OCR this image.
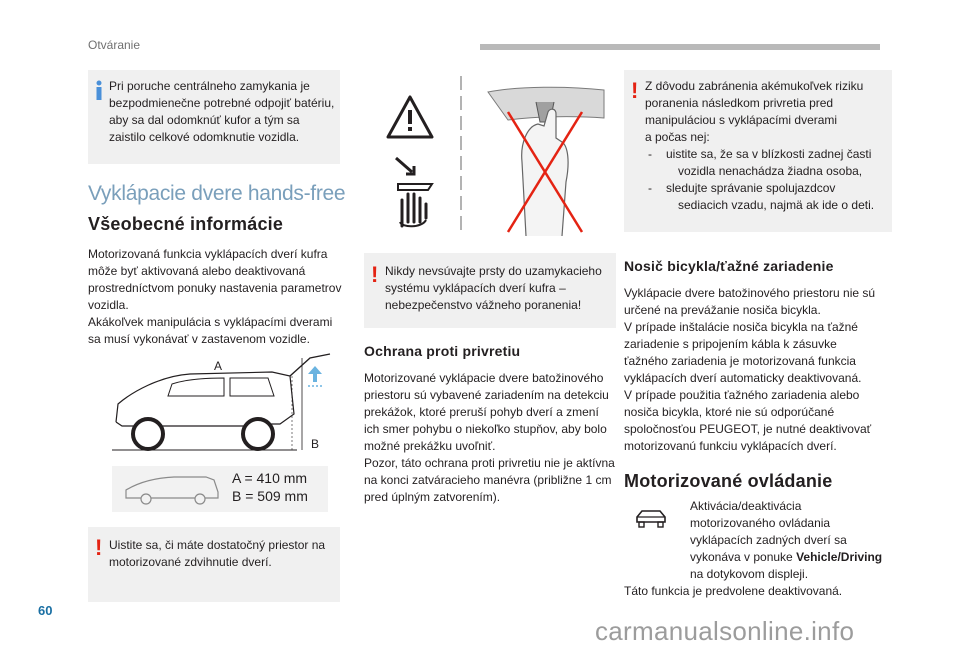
Otváranie

Pri poruche centrálneho zamykania je bezpodmienečne potrebné odpojiť batériu, aby sa dal odomknúť kufor a tým sa zaistilo celkové odomknutie vozidla.

Vyklápacie dvere hands-free
Všeobecné informácie

Motorizovaná funkcia vyklápacích dverí kufra

môže byť aktivovaná alebo deaktivovaná

prostredníctvom ponuky nastavenia parametrov

vozidla.

Akákoľvek manipulácia s vyklápacími dverami

sa musí vykonávať v zastavenom vozidle.

A
B
A = 410 mm
B = 509 mm
! Uistite sa, či máte dostatočný priestor na

motorizované zdvihnutie dverí.

! Nikdy nevsúvajte prsty do uzamykacieho

systému vyklápacích dverí kufra –

nebezpečenstvo vážneho poranenia!

Ochrana proti privretiu

Motorizované vyklápacie dvere batožinového

priestoru sú vybavené zariadením na detekciu

prekážok, ktoré preruší pohyb dverí a zmení

ich smer pohybu o niekoľko stupňov, aby bolo

možné prekážku uvoľniť.

Pozor, táto ochrana proti privretiu nie je aktívna

na konci zatváracieho manévra (približne 1 cm

pred úplným zatvorením).

! Z dôvodu zabránenia akémukoľvek riziku

poranenia následkom privretia pred

manipuláciou s vyklápacími dverami

a počas nej:

- uistite sa, že sa v blízkosti zadnej časti

vozidla nenachádza žiadna osoba,

- sledujte správanie spolujazdcov

sediacich vzadu, najmä ak ide o deti.

Nosič bicykla/ťažné zariadenie

Vyklápacie dvere batožinového priestoru nie sú

určené na prevážanie nosiča bicykla.

V prípade inštalácie nosiča bicykla na ťažné

zariadenie s pripojením kábla k zásuvke

ťažného zariadenia je motorizovaná funkcia

vyklápacích dverí automaticky deaktivovaná.

V prípade použitia ťažného zariadenia alebo

nosiča bicykla, ktoré nie sú odporúčané

spoločnosťou PEUGEOT, je nutné deaktivovať

motorizovanú funkciu vyklápacích dverí.

Motorizované ovládanie

Aktivácia/deaktivácia

motorizovaného ovládania

vyklápacích zadných dverí sa

vykonáva v ponuke Vehicle/Driving

na dotykovom displeji.

Táto funkcia je predvolene deaktivovaná.

60
carmanualsonline.info
